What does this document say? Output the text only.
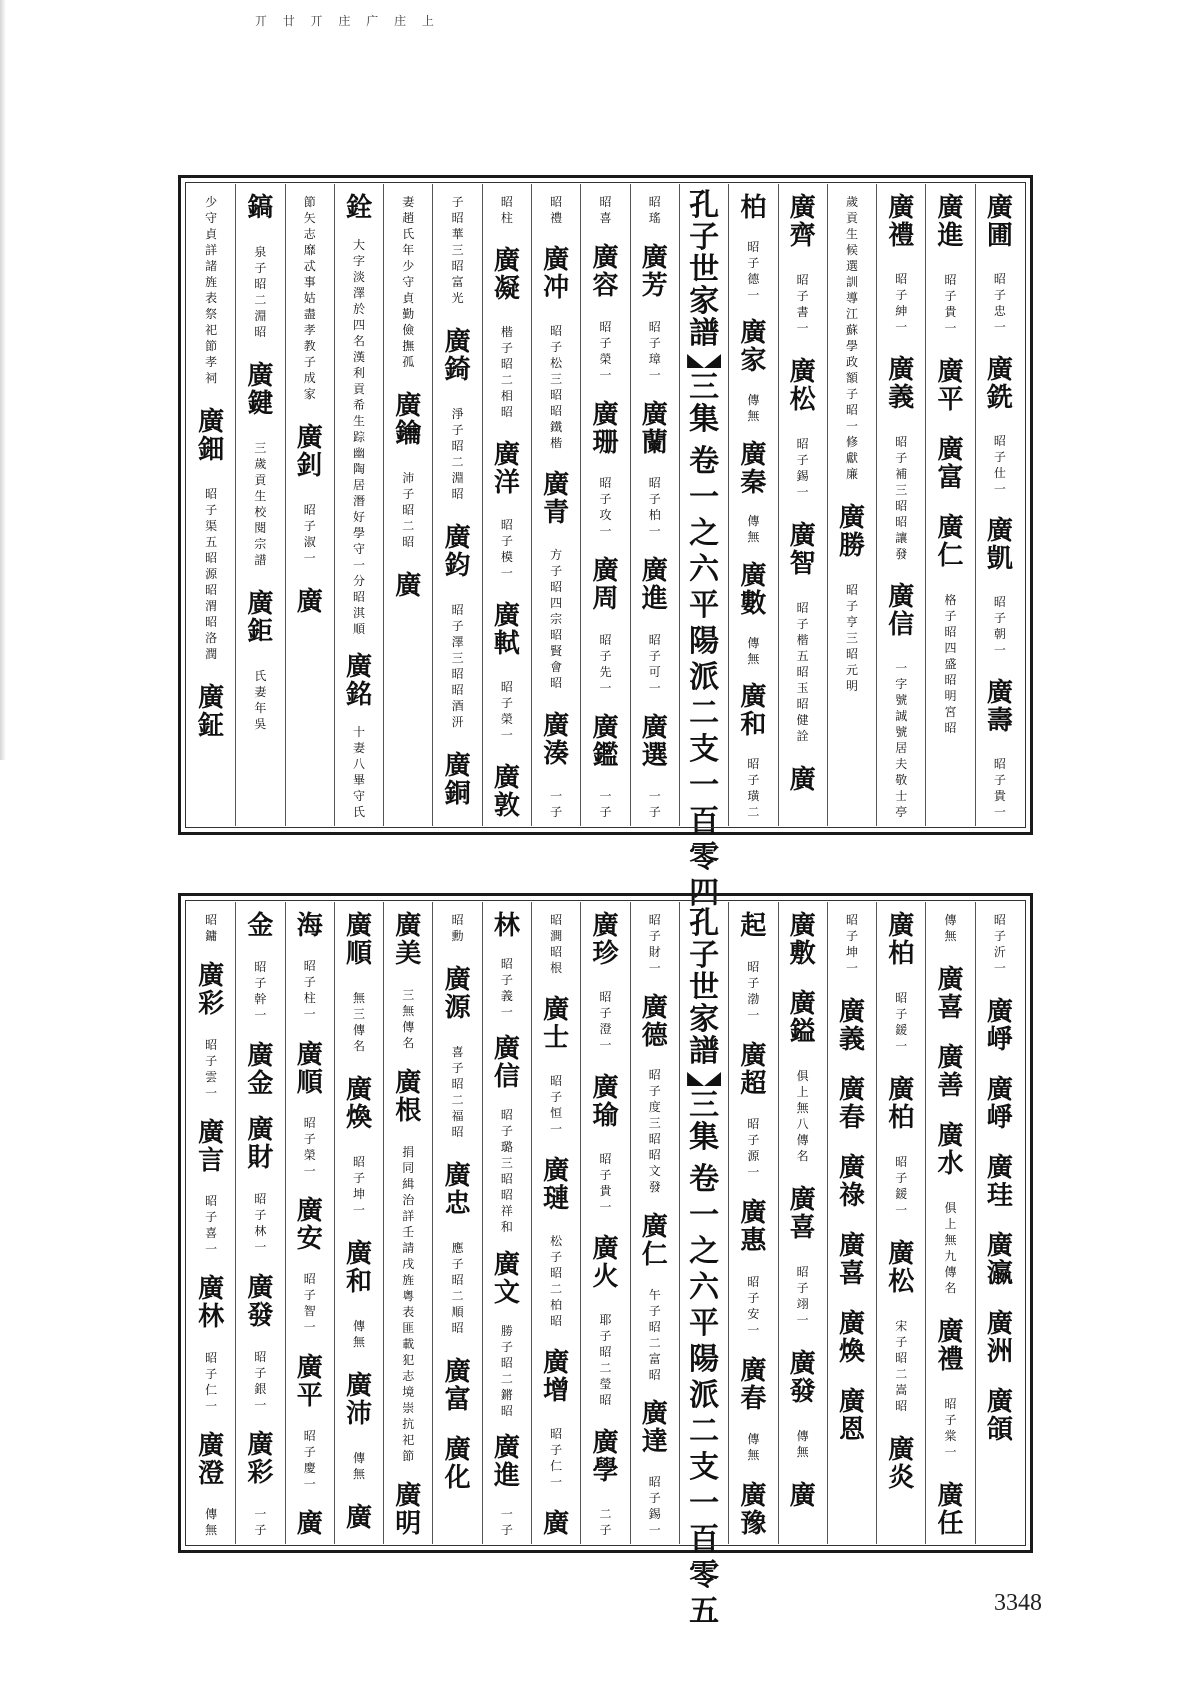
丌 廿 丌 庄 广 庄 上
廣
圃
昭
子
忠
一
廣
銑
昭
子
仕
一
廣
凱
昭
子
朝
一
廣
壽
昭
子
貴
一
廣
進
昭
子
貴
一
廣
平
廣
富
廣
仁
格
子
昭
四
盛
昭
明
宮
昭
廣
禮
昭
子
紳
一
廣
義
昭
子
補
三
昭
昭
讓
發
廣
信
一
字
號
誠
號
居
夫
敬
士
亭
歲
貢
生
候
選
訓
導
江
蘇
學
政
額
子
昭
一
修
獻
廉
廣
勝
昭
子
亨
三
昭
元
明
廣
齊
昭
子
書
一
廣
松
昭
子
錫
一
廣
智
昭
子
楷
五
昭
玉
昭
健
詮
廣
柏
昭
子
德
一
廣
家
傳
無
廣
秦
傳
無
廣
數
傳
無
廣
和
昭
子
璜
二
孔
子
世
家
譜
三
集
卷
一
之
六
平
陽
派
二
支
一
百
零
四
昭
瑤
廣
芳
昭
子
璋
一
廣
蘭
昭
子
柏
一
廣
進
昭
子
可
一
廣
選
一
子
昭
喜
廣
容
昭
子
榮
一
廣
珊
昭
子
攻
一
廣
周
昭
子
先
一
廣
鑑
一
子
昭
禮
廣
冲
昭
子
松
三
昭
昭
鐵
楷
廣
青
方
子
昭
四
宗
昭
賢
會
昭
廣
湊
一
子
昭
柱
廣
凝
楷
子
昭
二
相
昭
廣
洋
昭
子
模
一
廣
軾
昭
子
榮
一
廣
敦
子
昭
華
三
昭
富
光
廣
錡
淨
子
昭
二
淵
昭
廣
鈞
昭
子
澤
三
昭
昭
酒
汧
廣
銅
妻
趙
氏
年
少
守
貞
勤
儉
撫
孤
廣
鑰
沛
子
昭
二
昭
廣
銓
大
字
淡
澤
於
四
名
漢
利
貢
希
生
踪
幽
陶
居
潛
好
學
守
一
分
昭
淇
順
廣
銘
十
妻
八
畢
守
氏
節
矢
志
靡
忒
事
姑
盡
孝
教
子
成
家
廣
釗
昭
子
淑
一
廣
鎬
泉
子
昭
二
淵
昭
廣
鍵
三
歲
貢
生
校
閱
宗
譜
廣
鉅
氏
妻
年
吳
少
守
貞
詳
諸
旌
表
祭
祀
節
孝
祠
廣
鈿
昭
子
渠
五
昭
源
昭
渭
昭
洛
潤
廣
鉦
昭
子
沂
一
廣
崢
廣
崢
廣
珪
廣
瀛
廣
洲
廣
頜
傳
無
廣
喜
廣
善
廣
水
俱
上
無
九
傳
名
廣
禮
昭
子
棠
一
廣
任
廣
柏
昭
子
鍰
一
廣
柏
昭
子
鍰
一
廣
松
宋
子
昭
二
嵩
昭
廣
炎
昭
子
坤
一
廣
義
廣
春
廣
祿
廣
喜
廣
煥
廣
恩
廣
敷
廣
鎰
俱
上
無
八
傳
名
廣
喜
昭
子
翊
一
廣
發
傳
無
廣
起
昭
子
渤
一
廣
超
昭
子
源
一
廣
惠
昭
子
安
一
廣
春
傳
無
廣
豫
孔
子
世
家
譜
三
集
卷
一
之
六
平
陽
派
二
支
一
百
零
五
昭
子
財
一
廣
德
昭
子
度
三
昭
昭
文
發
廣
仁
午
子
昭
二
富
昭
廣
達
昭
子
錫
一
廣
珍
昭
子
澄
一
廣
瑜
昭
子
貴
一
廣
火
耶
子
昭
二
瑩
昭
廣
學
二
子
昭
澗
昭
根
廣
士
昭
子
恒
一
廣
璉
松
子
昭
二
柏
昭
廣
增
昭
子
仁
一
廣
林
昭
子
義
一
廣
信
昭
子
璐
三
昭
昭
祥
和
廣
文
勝
子
昭
二
鏘
昭
廣
進
一
子
昭
勳
廣
源
喜
子
昭
二
福
昭
廣
忠
應
子
昭
二
順
昭
廣
富
廣
化
廣
美
三
無
傳
名
廣
根
捐
同
緝
治
詳
壬
請
戌
旌
粵
表
匪
載
犯
志
境
崇
抗
祀
節
廣
明
廣
順
無
三
傳
名
廣
煥
昭
子
坤
一
廣
和
傳
無
廣
沛
傳
無
廣
海
昭
子
柱
一
廣
順
昭
子
榮
一
廣
安
昭
子
智
一
廣
平
昭
子
慶
一
廣
金
昭
子
幹
一
廣
金
廣
財
昭
子
林
一
廣
發
昭
子
銀
一
廣
彩
一
子
昭
鏞
廣
彩
昭
子
雲
一
廣
言
昭
子
喜
一
廣
林
昭
子
仁
一
廣
澄
傳
無
3348
